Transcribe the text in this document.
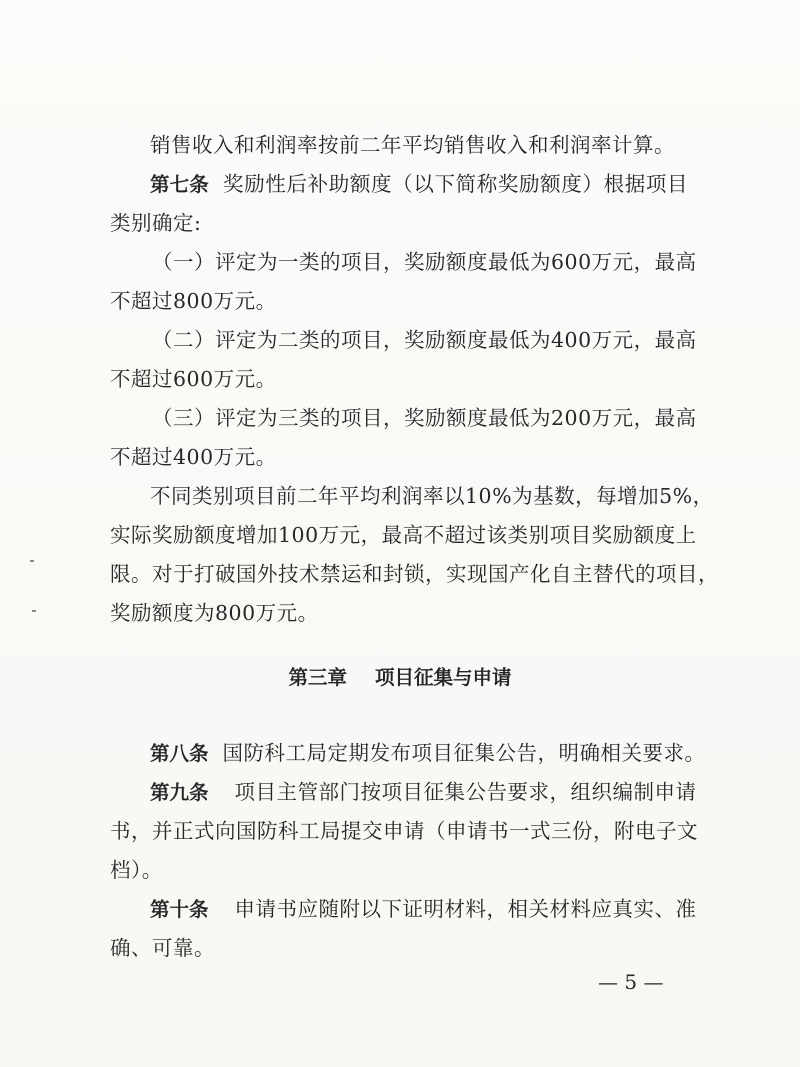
销售收入和利润率按前二年平均销售收入和利润率计算。
第七条 奖励性后补助额度（以下简称奖励额度）根据项目
类别确定:
（一）评定为一类的项目，奖励额度最低为600万元，最高
不超过800万元。
（二）评定为二类的项目，奖励额度最低为400万元，最高
不超过600万元。
（三）评定为三类的项目，奖励额度最低为200万元，最高
不超过400万元。
不同类别项目前二年平均利润率以10%为基数，每增加5%，
实际奖励额度增加100万元，最高不超过该类别项目奖励额度上
限。对于打破国外技术禁运和封锁，实现国产化自主替代的项目，
奖励额度为800万元。
第三章 项目征集与申请
第八条 国防科工局定期发布项目征集公告，明确相关要求。
第九条 项目主管部门按项目征集公告要求，组织编制申请
书，并正式向国防科工局提交申请（申请书一式三份，附电子文
档）。
第十条 申请书应随附以下证明材料，相关材料应真实、准
确、可靠。
— 5 —
